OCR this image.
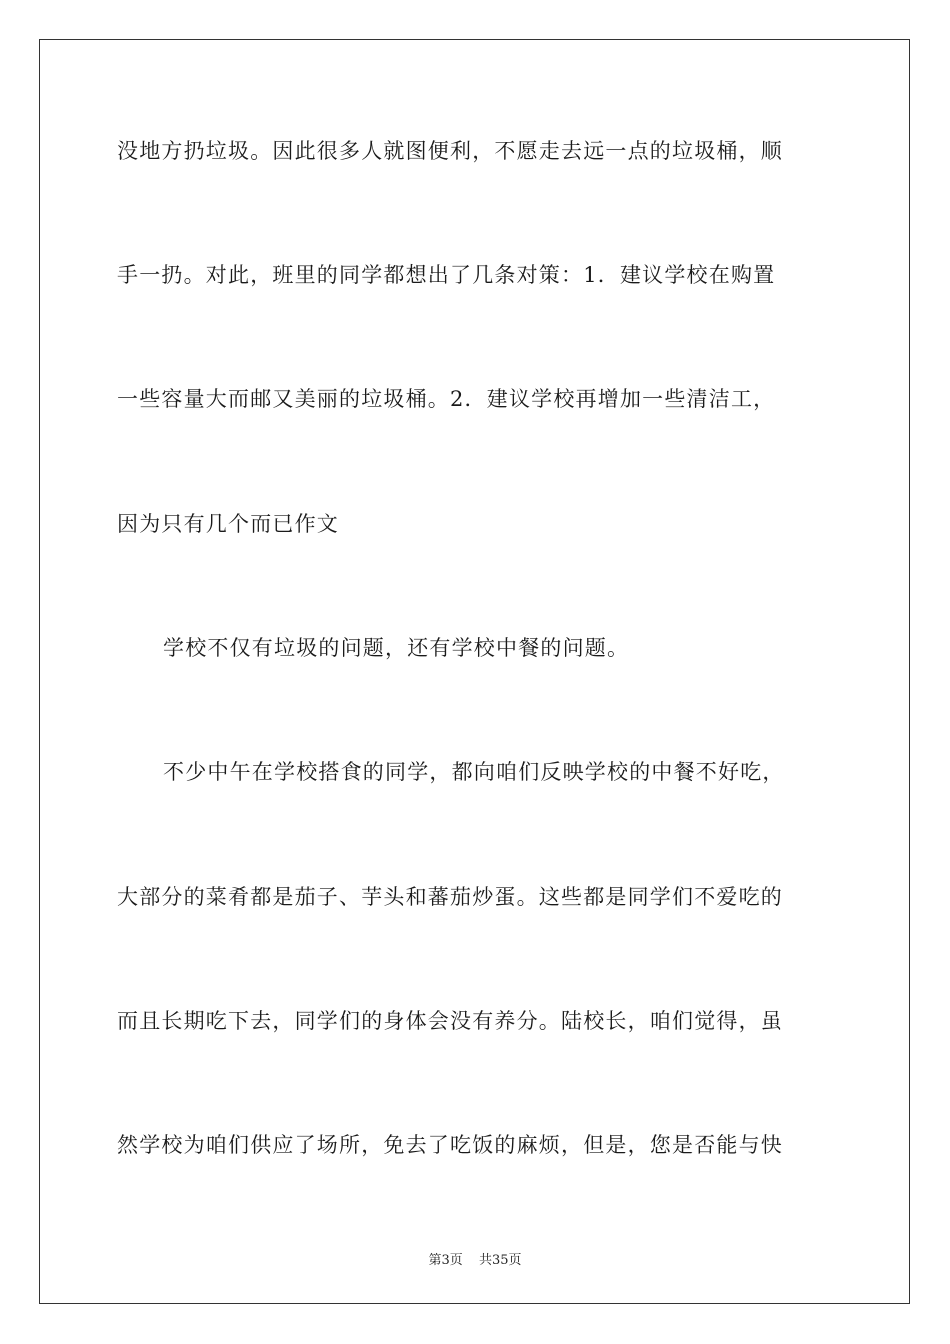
没地方扔垃圾。因此很多人就图便利，不愿走去远一点的垃圾桶，顺
手一扔。对此，班里的同学都想出了几条对策：1．建议学校在购置
一些容量大而邮又美丽的垃圾桶。2．建议学校再增加一些清洁工，
因为只有几个而已作文
学校不仅有垃圾的问题，还有学校中餐的问题。
不少中午在学校搭食的同学，都向咱们反映学校的中餐不好吃，
大部分的菜肴都是茄子、芋头和蕃茄炒蛋。这些都是同学们不爱吃的
而且长期吃下去，同学们的身体会没有养分。陆校长，咱们觉得，虽
然学校为咱们供应了场所，免去了吃饭的麻烦，但是，您是否能与快
第3页 共35页
